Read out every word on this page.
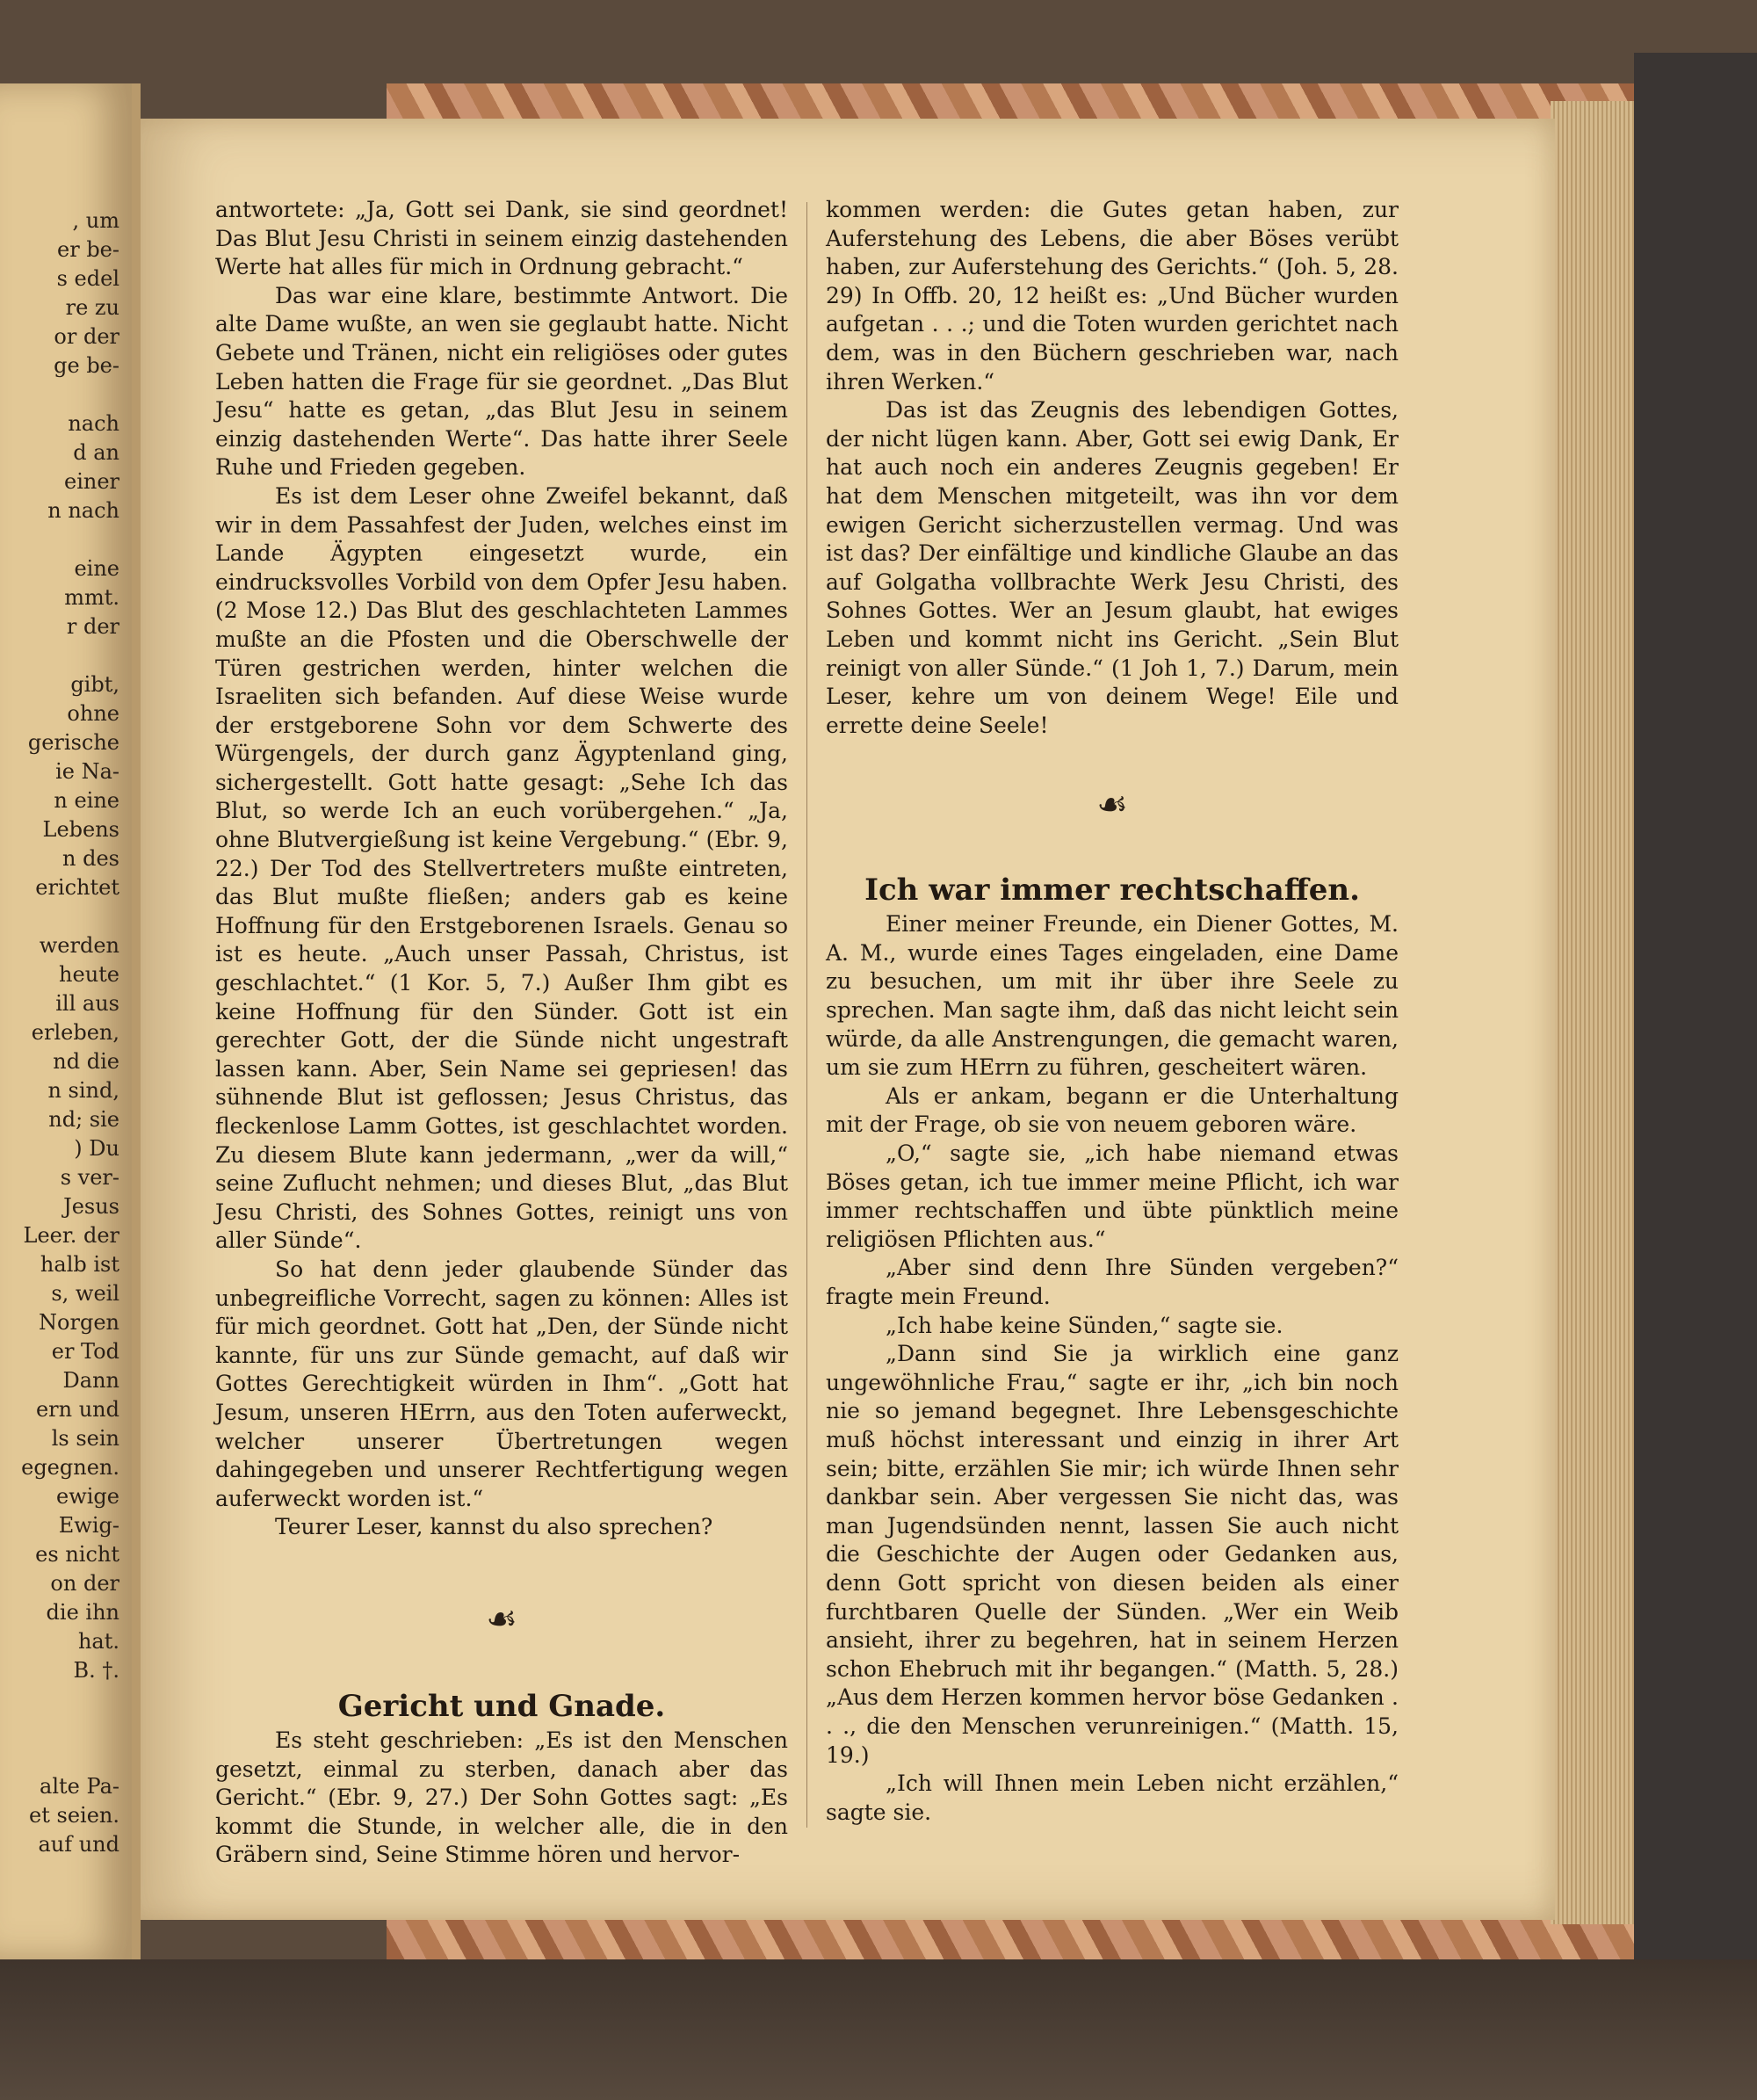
, um
er be-
s edel
re zu
or der
ge be-

nach
d an
einer
n nach

eine
mmt.
r der

gibt,
ohne
gerische
ie Na-
n eine
Lebens
n des
erichtet

werden
heute
ill aus
erleben,
nd die
n sind,
nd; sie
) Du
s ver-
Jesus
Leer. der
halb ist
s, weil
Norgen
er Tod
Dann
ern und
ls sein
egegnen.
ewige
Ewig-
es nicht
on der
die ihn
hat.
B. †.

alte Pa-
et seien.
auf und

antwortete: „Ja, Gott sei Dank, sie sind geordnet! Das Blut Jesu Christi in seinem einzig dastehenden Werte hat alles für mich in Ordnung gebracht.“

Das war eine klare, bestimmte Antwort. Die alte Dame wußte, an wen sie geglaubt hatte. Nicht Gebete und Tränen, nicht ein religiöses oder gutes Leben hatten die Frage für sie geordnet. „Das Blut Jesu“ hatte es getan, „das Blut Jesu in seinem einzig dastehenden Werte“. Das hatte ihrer Seele Ruhe und Frieden gegeben.

Es ist dem Leser ohne Zweifel bekannt, daß wir in dem Passahfest der Juden, welches einst im Lande Ägypten eingesetzt wurde, ein eindrucksvolles Vorbild von dem Opfer Jesu haben. (2 Mose 12.) Das Blut des geschlachteten Lammes mußte an die Pfosten und die Oberschwelle der Türen gestrichen werden, hinter welchen die Israeliten sich befanden. Auf diese Weise wurde der erstgeborene Sohn vor dem Schwerte des Würgengels, der durch ganz Ägyptenland ging, sichergestellt. Gott hatte gesagt: „Sehe Ich das Blut, so werde Ich an euch vorübergehen.“ „Ja, ohne Blutvergießung ist keine Vergebung.“ (Ebr. 9, 22.) Der Tod des Stellvertreters mußte eintreten, das Blut mußte fließen; anders gab es keine Hoffnung für den Erstgeborenen Israels. Genau so ist es heute. „Auch unser Passah, Christus, ist geschlachtet.“ (1 Kor. 5, 7.) Außer Ihm gibt es keine Hoffnung für den Sünder. Gott ist ein gerechter Gott, der die Sünde nicht ungestraft lassen kann. Aber, Sein Name sei gepriesen! das sühnende Blut ist geflossen; Jesus Christus, das fleckenlose Lamm Gottes, ist geschlachtet worden. Zu diesem Blute kann jedermann, „wer da will,“ seine Zuflucht nehmen; und dieses Blut, „das Blut Jesu Christi, des Sohnes Gottes, reinigt uns von aller Sünde“.

So hat denn jeder glaubende Sünder das unbegreifliche Vorrecht, sagen zu können: Alles ist für mich geordnet. Gott hat „Den, der Sünde nicht kannte, für uns zur Sünde gemacht, auf daß wir Gottes Gerechtigkeit würden in Ihm“. „Gott hat Jesum, unseren HErrn, aus den Toten auferweckt, welcher unserer Übertretungen wegen dahingegeben und unserer Rechtfertigung wegen auferweckt worden ist.“

Teurer Leser, kannst du also sprechen?

☙
Gericht und Gnade.

Es steht geschrieben: „Es ist den Menschen gesetzt, einmal zu sterben, danach aber das Gericht.“ (Ebr. 9, 27.) Der Sohn Gottes sagt: „Es kommt die Stunde, in welcher alle, die in den Gräbern sind, Seine Stimme hören und hervor-

kommen werden: die Gutes getan haben, zur Auferstehung des Lebens, die aber Böses verübt haben, zur Auferstehung des Gerichts.“ (Joh. 5, 28. 29) In Offb. 20, 12 heißt es: „Und Bücher wurden aufgetan . . .; und die Toten wurden gerichtet nach dem, was in den Büchern geschrieben war, nach ihren Werken.“

Das ist das Zeugnis des lebendigen Gottes, der nicht lügen kann. Aber, Gott sei ewig Dank, Er hat auch noch ein anderes Zeugnis gegeben! Er hat dem Menschen mitgeteilt, was ihn vor dem ewigen Gericht sicherzustellen vermag. Und was ist das? Der einfältige und kindliche Glaube an das auf Golgatha vollbrachte Werk Jesu Christi, des Sohnes Gottes. Wer an Jesum glaubt, hat ewiges Leben und kommt nicht ins Gericht. „Sein Blut reinigt von aller Sünde.“ (1 Joh 1, 7.) Darum, mein Leser, kehre um von deinem Wege! Eile und errette deine Seele!

☙
Ich war immer rechtschaffen.

Einer meiner Freunde, ein Diener Gottes, M. A. M., wurde eines Tages eingeladen, eine Dame zu besuchen, um mit ihr über ihre Seele zu sprechen. Man sagte ihm, daß das nicht leicht sein würde, da alle Anstrengungen, die gemacht waren, um sie zum HErrn zu führen, gescheitert wären.

Als er ankam, begann er die Unterhaltung mit der Frage, ob sie von neuem geboren wäre.

„O,“ sagte sie, „ich habe niemand etwas Böses getan, ich tue immer meine Pflicht, ich war immer rechtschaffen und übte pünktlich meine religiösen Pflichten aus.“

„Aber sind denn Ihre Sünden vergeben?“ fragte mein Freund.

„Ich habe keine Sünden,“ sagte sie.

„Dann sind Sie ja wirklich eine ganz ungewöhnliche Frau,“ sagte er ihr, „ich bin noch nie so jemand begegnet. Ihre Lebensgeschichte muß höchst interessant und einzig in ihrer Art sein; bitte, erzählen Sie mir; ich würde Ihnen sehr dankbar sein. Aber vergessen Sie nicht das, was man Jugendsünden nennt, lassen Sie auch nicht die Geschichte der Augen oder Gedanken aus, denn Gott spricht von diesen beiden als einer furchtbaren Quelle der Sünden. „Wer ein Weib ansieht, ihrer zu begehren, hat in seinem Herzen schon Ehebruch mit ihr begangen.“ (Matth. 5, 28.) „Aus dem Herzen kommen hervor böse Gedanken . . ., die den Menschen verunreinigen.“ (Matth. 15, 19.)

„Ich will Ihnen mein Leben nicht erzählen,“ sagte sie.
